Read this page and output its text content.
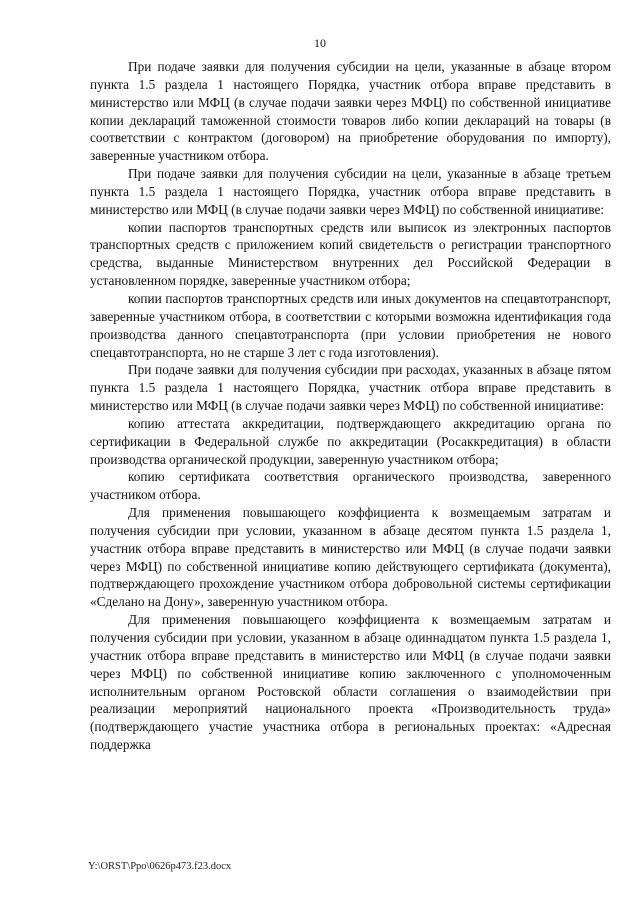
10

При подаче заявки для получения субсидии на цели, указанные в абзаце втором пункта 1.5 раздела 1 настоящего Порядка, участник отбора вправе представить в министерство или МФЦ (в случае подачи заявки через МФЦ) по собственной инициативе копии деклараций таможенной стоимости товаров либо копии деклараций на товары (в соответствии с контрактом (договором) на приобретение оборудования по импорту), заверенные участником отбора.

При подаче заявки для получения субсидии на цели, указанные в абзаце третьем пункта 1.5 раздела 1 настоящего Порядка, участник отбора вправе представить в министерство или МФЦ (в случае подачи заявки через МФЦ) по собственной инициативе:

копии паспортов транспортных средств или выписок из электронных паспортов транспортных средств с приложением копий свидетельств о регистрации транспортного средства, выданные Министерством внутренних дел Российской Федерации в установленном порядке, заверенные участником отбора;

копии паспортов транспортных средств или иных документов на спецавтотранспорт, заверенные участником отбора, в соответствии с которыми возможна идентификация года производства данного спецавтотранспорта (при условии приобретения не нового спецавтотранспорта, но не старше 3 лет с года изготовления).

При подаче заявки для получения субсидии при расходах, указанных в абзаце пятом пункта 1.5 раздела 1 настоящего Порядка, участник отбора вправе представить в министерство или МФЦ (в случае подачи заявки через МФЦ) по собственной инициативе:

копию аттестата аккредитации, подтверждающего аккредитацию органа по сертификации в Федеральной службе по аккредитации (Росаккредитация) в области производства органической продукции, заверенную участником отбора;

копию сертификата соответствия органического производства, заверенного участником отбора.

Для применения повышающего коэффициента к возмещаемым затратам и получения субсидии при условии, указанном в абзаце десятом пункта 1.5 раздела 1, участник отбора вправе представить в министерство или МФЦ (в случае подачи заявки через МФЦ) по собственной инициативе копию действующего сертификата (документа), подтверждающего прохождение участником отбора добровольной системы сертификации «Сделано на Дону», заверенную участником отбора.

Для применения повышающего коэффициента к возмещаемым затратам и получения субсидии при условии, указанном в абзаце одиннадцатом пункта 1.5 раздела 1, участник отбора вправе представить в министерство или МФЦ (в случае подачи заявки через МФЦ) по собственной инициативе копию заключенного с уполномоченным исполнительным органом Ростовской области соглашения о взаимодействии при реализации мероприятий национального проекта «Производительность труда» (подтверждающего участие участника отбора в региональных проектах: «Адресная поддержка

Y:\ORST\Ppo\0626p473.f23.docx
